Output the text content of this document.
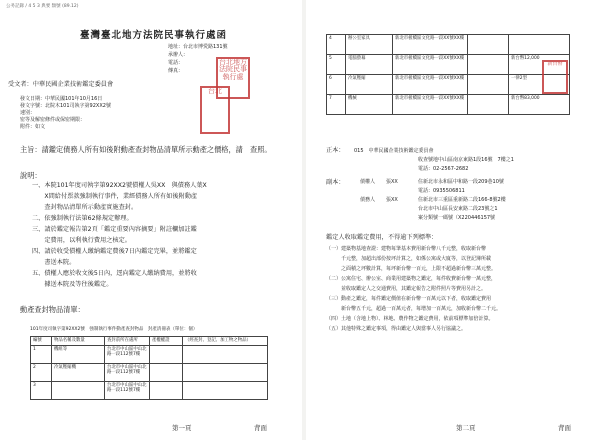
公务記錄 / 4 5 3 典要 類號 (89.12)
臺灣臺北地方法院民事執行處函
地址：台北市博愛路131號
承辦人：
電話：
傳真：
台北地方法院民事執行處
受文者：中華民國企業技術鑑定委員會
發文日期：中華民國101年10月16日
發文字號：北院木101司執字第92XX2號
速別：
密等及解密條件或保密期限：
附件：如文
台北
主旨：請鑑定債務人所有如後附動產查封物品清單所示動產之價格，請　查照。
說明：
一、本院101年度司執字第92XX2號債權人吳XX　與債務人葉X
　　X間給付票款強制執行事件，業經債務人所有如後附動產
　　查封物品清單所示動產實施查封。
二、依強制執行法第62條規定辦理。
三、請於鑑定報告第2頁「鑑定重要內容摘要」附註欄加註鑑
　　定費用，以利執行費用之核定。
四、請於收受債權人繳納鑑定費後7日內鑑定完畢，並將鑑定
　　書送本院。
五、債權人應於收文後5日內，逕向鑑定人繳納費用，並將收
　　據送本院及等往後鑑定。
動產查封物品清單：
101年度司執字第92XX2號　強制執行事件動產查封物品　封產清冊表（單位：個）
編號	物品名稱及數量	查封前所在處所	產權權證	（經查封、登記、加工物之物品）
1	機組等	台北市中山區中山北路一段112號7樓		
2	冷氣壓縮機	台北市中山區中山北路一段112號7樓		
3		台北市中山區中山北路一段112號7樓		
第一頁	背面
4	辦公室家具	新北市板橋區文化路一段XX號XX樓		
5	電腦螢幕	新北市板橋區文化路一段XX號XX樓		新台幣12,000
6	冷氣壓縮	新北市板橋區文化路一段XX號XX樓		一律2型
7	機械	新北市板橋區文化路一段XX號XX樓		新台幣83,000
新台幣
正本： 015　中華民國企業技術鑑定委員會
收查號地中山區南京東路1段16號　7樓之1
電話：02-2567-2682
副本：	債權人 張XX	住新北市永和區中和路一段209巷10號
電話：0935506811
債務人 張XX	住新北市三重區重新路二段166-8號2樓
台北市中山區長安東路二段23號之1
案分類號一碼號（X220446157號
鑑定人收取鑑定費用，不得逾下列標準：
（一）建築物基地查證：建物每筆基本費用新台幣八千元整，收取新台幣
　　　千元整，加超出部份按坪計算之，如係公寓或大廈等，以登記簿所載
　　　之面積之坪數計算，每坪新台幣一百元，上限不超過新台幣三萬元整。
（二）公寓住宅、辦公室、商業用建築物之鑑定，每件收費新台幣一萬元整，
　　　並收取鑑定人之交通費用，其鑑定報告之附件照片等費用另計之。
（三）動產之鑑定，每件鑑定價值在新台幣一百萬元以下者，收取鑑定費用
　　　新台幣五千元，超過一百萬元者，每增加一百萬元，加收新台幣二千元。
（四）土地（含地上物）、林地、農作物之鑑定費用，依前項標準加倍計算。
（五）其他特殊之鑑定事項，得由鑑定人與當事人另行協議之。
第二頁	背面
